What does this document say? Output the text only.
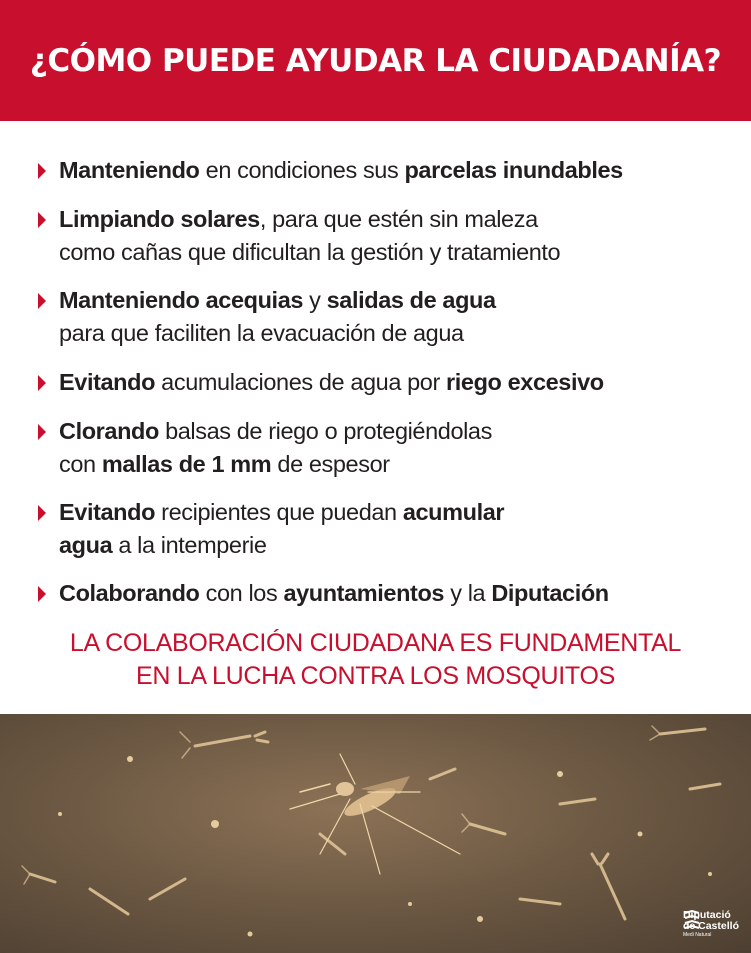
¿CÓMO PUEDE AYUDAR LA CIUDADANÍA?
Manteniendo en condiciones sus parcelas inundables
Limpiando solares, para que estén sin maleza
como cañas que dificultan la gestión y tratamiento
Manteniendo acequias y salidas de agua
para que faciliten la evacuación de agua
Evitando acumulaciones de agua por riego excesivo
Clorando balsas de riego o protegiéndolas
con mallas de 1 mm de espesor
Evitando recipientes que puedan acumular
agua a la intemperie
Colaborando con los ayuntamientos y la Diputación
LA COLABORACIÓN CIUDADANA ES FUNDAMENTAL
EN LA LUCHA CONTRA LOS MOSQUITOS
Diputació
de Castelló
Medi Natural
